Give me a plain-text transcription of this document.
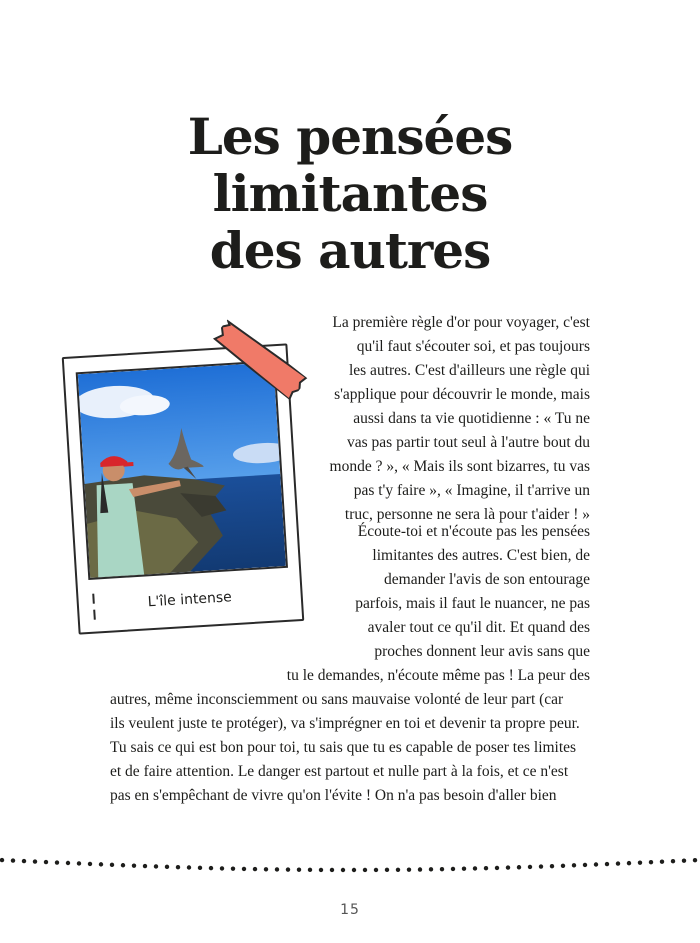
Les pensées
limitantes
des autres
L'île intense
La première règle d'or pour voyager, c'est
qu'il faut s'écouter soi, et pas toujours
les autres. C'est d'ailleurs une règle qui
s'applique pour découvrir le monde, mais
aussi dans ta vie quotidienne : « Tu ne
vas pas partir tout seul à l'autre bout du
monde ? », « Mais ils sont bizarres, tu vas
pas t'y faire », « Imagine, il t'arrive un
truc, personne ne sera là pour t'aider ! »
Écoute-toi et n'écoute pas les pensées
limitantes des autres. C'est bien, de
demander l'avis de son entourage
parfois, mais il faut le nuancer, ne pas
avaler tout ce qu'il dit. Et quand des
proches donnent leur avis sans que
tu le demandes, n'écoute même pas ! La peur des
autres, même inconsciemment ou sans mauvaise volonté de leur part (car
ils veulent juste te protéger), va s'imprégner en toi et devenir ta propre peur.
Tu sais ce qui est bon pour toi, tu sais que tu es capable de poser tes limites
et de faire attention. Le danger est partout et nulle part à la fois, et ce n'est
pas en s'empêchant de vivre qu'on l'évite ! On n'a pas besoin d'aller bien
15
